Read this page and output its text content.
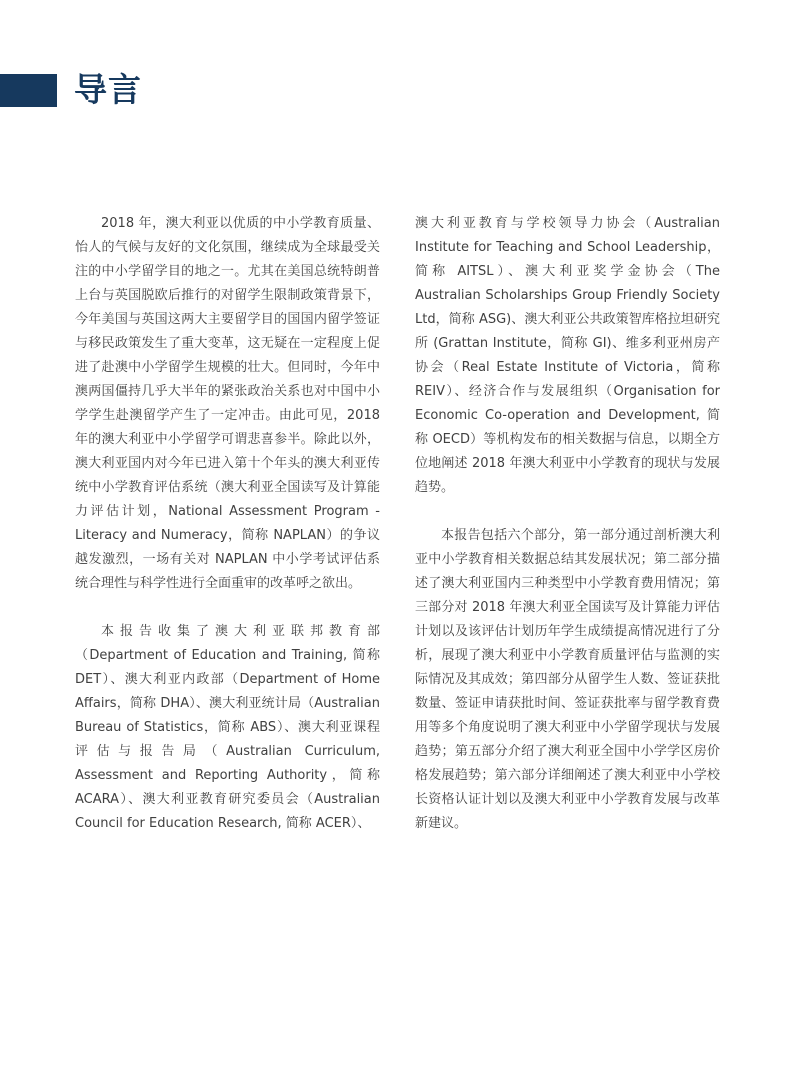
导言

2018 年，澳大利亚以优质的中小学教育质量、怡人的气候与友好的文化氛围，继续成为全球最受关注的中小学留学目的地之一。尤其在美国总统特朗普上台与英国脱欧后推行的对留学生限制政策背景下，今年美国与英国这两大主要留学目的国国内留学签证与移民政策发生了重大变革，这无疑在一定程度上促进了赴澳中小学留学生规模的壮大。但同时，今年中澳两国僵持几乎大半年的紧张政治关系也对中国中小学学生赴澳留学产生了一定冲击。由此可见，2018 年的澳大利亚中小学留学可谓悲喜参半。除此以外，澳大利亚国内对今年已进入第十个年头的澳大利亚传统中小学教育评估系统（澳大利亚全国读写及计算能力评估计划，National Assessment Program - Literacy and Numeracy，简称 NAPLAN）的争议越发激烈，一场有关对 NAPLAN 中小学考试评估系统合理性与科学性进行全面重审的改革呼之欲出。

本报告收集了澳大利亚联邦教育部（Department of Education and Training, 简称 DET）、澳大利亚内政部（Department of Home Affairs，简称 DHA）、澳大利亚统计局（Australian Bureau of Statistics，简称 ABS）、澳大利亚课程评估与报告局（Australian Curriculum, Assessment and Reporting Authority，简称 ACARA）、澳大利亚教育研究委员会（Australian Council for Education Research, 简称 ACER）、

澳大利亚教育与学校领导力协会（Australian Institute for Teaching and School Leadership，简称 AITSL）、澳大利亚奖学金协会（The Australian Scholarships Group Friendly Society Ltd，简称 ASG)、澳大利亚公共政策智库格拉坦研究所 (Grattan Institute，简称 GI)、维多利亚州房产协会（Real Estate Institute of Victoria，简称 REIV）、经济合作与发展组织（Organisation for Economic Co-operation and Development, 简称 OECD）等机构发布的相关数据与信息，以期全方位地阐述 2018 年澳大利亚中小学教育的现状与发展趋势。

本报告包括六个部分，第一部分通过剖析澳大利亚中小学教育相关数据总结其发展状况；第二部分描述了澳大利亚国内三种类型中小学教育费用情况；第三部分对 2018 年澳大利亚全国读写及计算能力评估计划以及该评估计划历年学生成绩提高情况进行了分析，展现了澳大利亚中小学教育质量评估与监测的实际情况及其成效；第四部分从留学生人数、签证获批数量、签证申请获批时间、签证获批率与留学教育费用等多个角度说明了澳大利亚中小学留学现状与发展趋势；第五部分介绍了澳大利亚全国中小学学区房价格发展趋势；第六部分详细阐述了澳大利亚中小学校长资格认证计划以及澳大利亚中小学教育发展与改革新建议。
